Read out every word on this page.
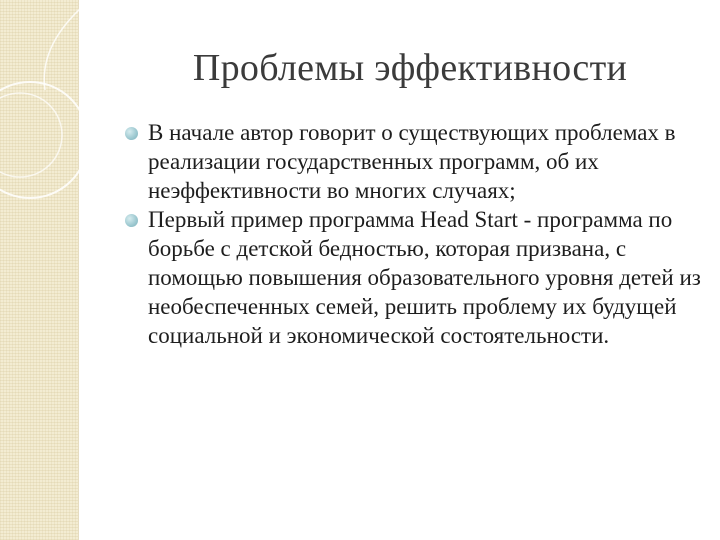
Проблемы эффективности
В начале автор говорит о существующих проблемах в реализации государственных программ, об их неэффективности во многих случаях;
Первый пример программа Head Start - программа по борьбе с детской бедностью, которая призвана, с помощью повышения образовательного уровня детей из необеспеченных семей, решить проблему их будущей социальной и экономической состоятельности.
